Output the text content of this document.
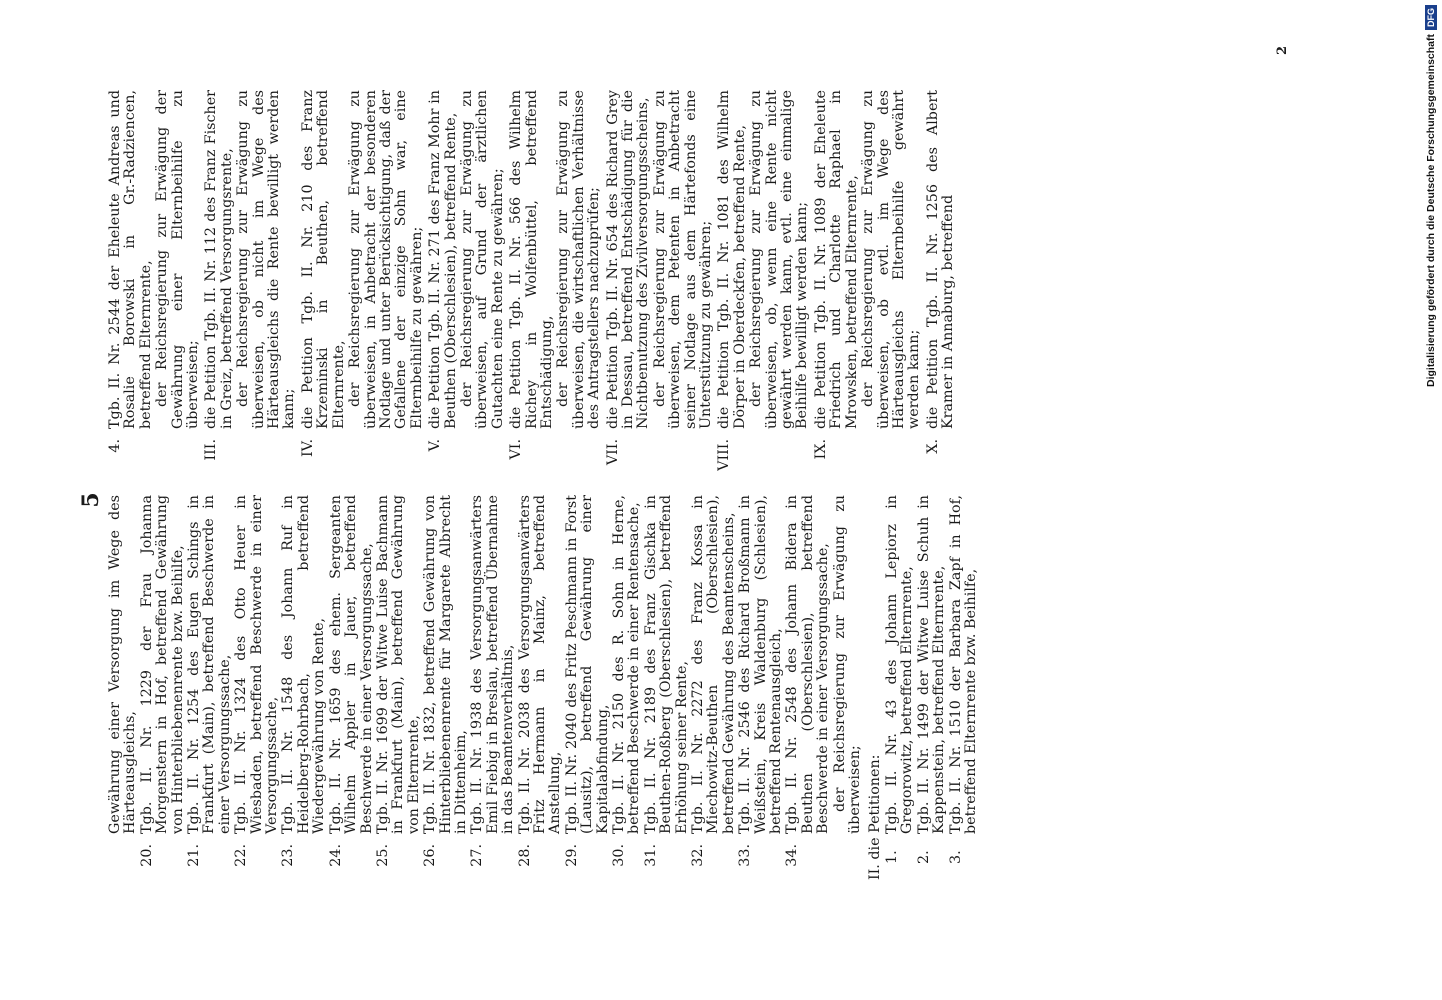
5 Gewährung einer Versorgung im Wege des Härteausgleichs,
20.
Tgb. II. Nr. 1229 der Frau Johanna Morgenstern in Hof, betreffend Gewährung von Hinterbliebenenrente bzw. Beihilfe,
21.
Tgb. II. Nr. 1254 des Eugen Schings in Frankfurt (Main), betreffend Beschwerde in einer Versorgungssache,
22.
Tgb. II. Nr. 1324 des Otto Heuer in Wiesbaden, betreffend Beschwerde in einer Versorgungssache,
23.
Tgb. II. Nr. 1548 des Johann Ruf in Heidelberg-Rohrbach, betreffend Wiedergewährung von Rente,
24.
Tgb. II. Nr. 1659 des ehem. Sergeanten Wilhelm Appler in Jauer, betreffend Beschwerde in einer Versorgungssache,
25.
Tgb. II. Nr. 1699 der Witwe Luise Bachmann in Frankfurt (Main), betreffend Gewährung von Elternrente,
26.
Tgb. II. Nr. 1832, betreffend Gewährung von Hinterbliebenenrente für Margarete Albrecht in Dittenheim,
27.
Tgb. II. Nr. 1938 des Versorgungsanwärters Emil Fiebig in Breslau, betreffend Übernahme in das Beamtenverhältnis,
28.
Tgb. II. Nr. 2038 des Versorgungsanwärters Fritz Hermann in Mainz, betreffend Anstellung,
29.
Tgb. II. Nr. 2040 des Fritz Peschmann in Forst (Lausitz), betreffend Gewährung einer Kapitalabfindung,
30.
Tgb. II. Nr. 2150 des R. Sohn in Herne, betreffend Beschwerde in einer Rentensache,
31.
Tgb. II. Nr. 2189 des Franz Gischka in Beuthen-Roßberg (Oberschlesien), betreffend Erhöhung seiner Rente,
32.
Tgb. II. Nr. 2272 des Franz Kossa in Miechowitz-Beuthen (Oberschlesien), betreffend Gewährung des Beamtenscheins,
33.
Tgb. II. Nr. 2546 des Richard Broßmann in Weißstein, Kreis Waldenburg (Schlesien), betreffend Rentenausgleich,
34.
Tgb. II. Nr. 2548 des Johann Bidera in Beuthen (Oberschlesien), betreffend Beschwerde in einer Versorgungssache, der Reichsregierung zur Erwägung zu überweisen; II. die Petitionen: 1.
Tgb. II. Nr. 43 des Johann Lepiorz in Gregorowitz, betreffend Elternrente,
2.
Tgb. II. Nr. 1499 der Witwe Luise Schuh in Kappenstein, betreffend Elternrente,
3.
Tgb. II. Nr. 1510 der Barbara Zapf in Hof, betreffend Elternrente bzw. Beihilfe,
4.
Tgb. II. Nr. 2544 der Eheleute Andreas und Rosalie Borowski in Gr.-Radziencen, betreffend Elternrente, der Reichsregierung zur Erwägung der Gewährung einer Elternbeihilfe zu überweisen;
III.
die Petition Tgb. II. Nr. 112 des Franz Fischer in Greiz, betreffend Versorgungsrente, der Reichsregierung zur Erwägung zu überweisen, ob nicht im Wege des Härteausgleichs die Rente bewilligt werden kann;
IV.
die Petition Tgb. II. Nr. 210 des Franz Krzeminski in Beuthen, betreffend Elternrente, der Reichsregierung zur Erwägung zu überweisen, in Anbetracht der besonderen Notlage und unter Berücksichtigung, daß der Gefallene der einzige Sohn war, eine Elternbeihilfe zu gewähren;
V.
die Petition Tgb. II. Nr. 271 des Franz Mohr in Beuthen (Oberschlesien), betreffend Rente, der Reichsregierung zur Erwägung zu überweisen, auf Grund der ärztlichen Gutachten eine Rente zu gewähren;
VI.
die Petition Tgb. II. Nr. 566 des Wilhelm Richey in Wolfenbüttel, betreffend Entschädigung, der Reichsregierung zur Erwägung zu überweisen, die wirtschaftlichen Verhältnisse des Antragstellers nachzuprüfen;
VII.
die Petition Tgb. II. Nr. 654 des Richard Grey in Dessau, betreffend Entschädigung für die Nichtbenutzung des Zivilversorgungsscheins, der Reichsregierung zur Erwägung zu überweisen, dem Petenten in Anbetracht seiner Notlage aus dem Härtefonds eine Unterstützung zu gewähren;
VIII.
die Petition Tgb. II. Nr. 1081 des Wilhelm Dörper in Oberdeckfen, betreffend Rente, der Reichsregierung zur Erwägung zu überweisen, ob, wenn eine Rente nicht gewährt werden kann, evtl. eine einmalige Beihilfe bewilligt werden kann;
IX.
die Petition Tgb. II. Nr. 1089 der Eheleute Friedrich und Charlotte Raphael in Mrowsken, betreffend Elternrente, der Reichsregierung zur Erwägung zu überweisen, ob evtl. im Wege des Härteausgleichs Elternbeihilfe gewährt werden kann;
X.
die Petition Tgb. II. Nr. 1256 des Albert Kramer in Annaburg, betreffend
2	Digitalisierung gefördert durch die Deutsche Forschungsgemeinschaft
DFG
